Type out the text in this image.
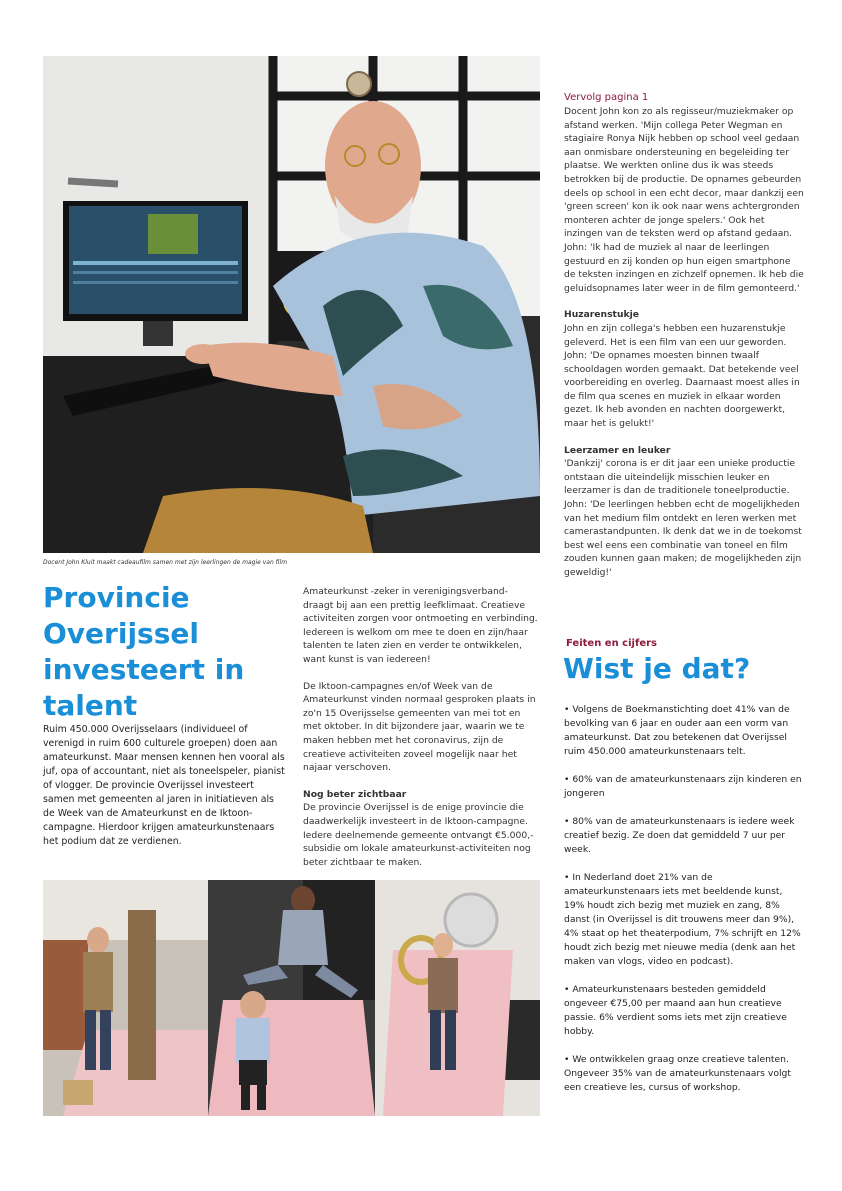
Docent John Kluit maakt cadeaufilm samen met zijn leerlingen de magie van film
Provincie Overijssel investeert in talent

Ruim 450.000 Overijsselaars (individueel of verenigd in ruim 600 culturele groepen) doen aan amateurkunst. Maar mensen kennen hen vooral als juf, opa of accountant, niet als toneelspeler, pianist of vlogger. De provincie Overijssel investeert samen met gemeenten al jaren in initiatieven als de Week van de Amateurkunst en de Iktoon-campagne. Hierdoor krijgen amateurkunstenaars het podium dat ze verdienen.

Amateurkunst -zeker in verenigingsverband- draagt bij aan een prettig leefklimaat. Creatieve activiteiten zorgen voor ontmoeting en verbinding. Iedereen is welkom om mee te doen en zijn/haar talenten te laten zien en verder te ontwikkelen, want kunst is van iedereen!

De Iktoon-campagnes en/of Week van de Amateurkunst vinden normaal gesproken plaats in zo'n 15 Overijsselse gemeenten van mei tot en met oktober. In dit bijzondere jaar, waarin we te maken hebben met het coronavirus, zijn de creatieve activiteiten zoveel mogelijk naar het najaar verschoven.

Nog beter zichtbaar

De provincie Overijssel is de enige provincie die daadwerkelijk investeert in de Iktoon-campagne. Iedere deelnemende gemeente ontvangt €5.000,- subsidie om lokale amateurkunst-activiteiten nog beter zichtbaar te maken.

Vervolg pagina 1

Docent John kon zo als regisseur/muziekmaker op afstand werken. 'Mijn collega Peter Wegman en stagiaire Ronya Nijk hebben op school veel gedaan aan onmisbare ondersteuning en begeleiding ter plaatse. We werkten online dus ik was steeds betrokken bij de productie. De opnames gebeurden deels op school in een echt decor, maar dankzij een 'green screen' kon ik ook naar wens achtergronden monteren achter de jonge spelers.' Ook het inzingen van de teksten werd op afstand gedaan. John: 'Ik had de muziek al naar de leerlingen gestuurd en zij konden op hun eigen smartphone de teksten inzingen en zichzelf opnemen. Ik heb die geluidsopnames later weer in de film gemonteerd.'

Huzarenstukje

John en zijn collega's hebben een huzarenstukje geleverd. Het is een film van een uur geworden. John: 'De opnames moesten binnen twaalf schooldagen worden gemaakt. Dat betekende veel voorbereiding en overleg. Daarnaast moest alles in de film qua scenes en muziek in elkaar worden gezet. Ik heb avonden en nachten doorgewerkt, maar het is gelukt!'

Leerzamer en leuker

'Dankzij' corona is er dit jaar een unieke productie ontstaan die uiteindelijk misschien leuker en leerzamer is dan de traditionele toneelproductie. John: 'De leerlingen hebben echt de mogelijkheden van het medium film ontdekt en leren werken met camerastandpunten. Ik denk dat we in de toekomst best wel eens een combinatie van toneel en film zouden kunnen gaan maken; de mogelijkheden zijn geweldig!'

Feiten en cijfers
Wist je dat?

• Volgens de Boekmanstichting doet 41% van de bevolking van 6 jaar en ouder aan een vorm van amateurkunst. Dat zou betekenen dat Overijssel ruim 450.000 amateurkunstenaars telt.

• 60% van de amateurkunstenaars zijn kinderen en jongeren

• 80% van de amateurkunstenaars is iedere week creatief bezig. Ze doen dat gemiddeld 7 uur per week.

• In Nederland doet 21% van de amateurkunstenaars iets met beeldende kunst, 19% houdt zich bezig met muziek en zang, 8% danst (in Overijssel is dit trouwens meer dan 9%), 4% staat op het theaterpodium, 7% schrijft en 12% houdt zich bezig met nieuwe media (denk aan het maken van vlogs, video en podcast).

• Amateurkunstenaars besteden gemiddeld ongeveer €75,00 per maand aan hun creatieve passie. 6% verdient soms iets met zijn creatieve hobby.

• We ontwikkelen graag onze creatieve talenten. Ongeveer 35% van de amateurkunstenaars volgt een creatieve les, cursus of workshop.
